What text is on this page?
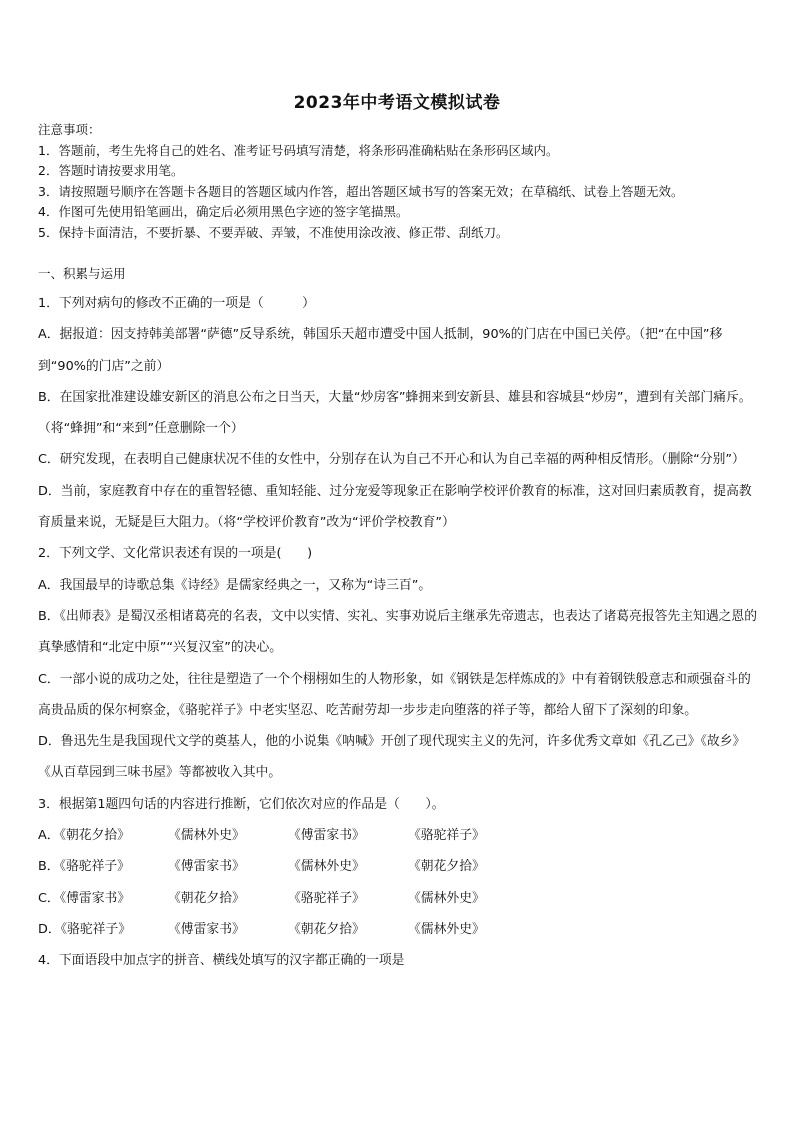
2023年中考语文模拟试卷
注意事项：
1．答题前，考生先将自己的姓名、准考证号码填写清楚，将条形码准确粘贴在条形码区域内。
2．答题时请按要求用笔。
3．请按照题号顺序在答题卡各题目的答题区域内作答，超出答题区域书写的答案无效；在草稿纸、试卷上答题无效。
4．作图可先使用铅笔画出，确定后必须用黑色字迹的签字笔描黑。
5．保持卡面清洁，不要折暴、不要弄破、弄皱，不准使用涂改液、修正带、刮纸刀。
一、积累与运用

1．下列对病句的修改不正确的一项是（　　　）

A．据报道：因支持韩美部署“萨德”反导系统，韩国乐天超市遭受中国人抵制，90%的门店在中国已关停。（把“在中国”移到“90%的门店”之前）

B．在国家批准建设雄安新区的消息公布之日当天，大量“炒房客”蜂拥来到安新县、雄县和容城县“炒房”，遭到有关部门痛斥。（将“蜂拥”和“来到”任意删除一个）

C．研究发现，在表明自己健康状况不佳的女性中，分别存在认为自己不开心和认为自己幸福的两种相反情形。（删除“分别”）

D．当前，家庭教育中存在的重智轻德、重知轻能、过分宠爱等现象正在影响学校评价教育的标准，这对回归素质教育，提高教育质量来说，无疑是巨大阻力。（将“学校评价教育”改为“评价学校教育”）

2．下列文学、文化常识表述有误的一项是(　　)

A．我国最早的诗歌总集《诗经》是儒家经典之一，又称为“诗三百”。

B．《出师表》是蜀汉丞相诸葛亮的名表，文中以实情、实礼、实事劝说后主继承先帝遗志，也表达了诸葛亮报答先主知遇之恩的真挚感情和“北定中原”“兴复汉室”的决心。

C．一部小说的成功之处，往往是塑造了一个个栩栩如生的人物形象，如《钢铁是怎样炼成的》中有着钢铁般意志和顽强奋斗的高贵品质的保尔柯察金，《骆驼祥子》中老实坚忍、吃苦耐劳却一步步走向堕落的祥子等，都给人留下了深刻的印象。

D．鲁迅先生是我国现代文学的奠基人，他的小说集《呐喊》开创了现代现实主义的先河，许多优秀文章如《孔乙己》《故乡》《从百草园到三味书屋》等都被收入其中。

3．根据第1题四句话的内容进行推断，它们依次对应的作品是（　　）。

A．《朝花夕拾》	《儒林外史》	《傅雷家书》	《骆驼祥子》
B．《骆驼祥子》	《傅雷家书》	《儒林外史》	《朝花夕拾》
C．《傅雷家书》	《朝花夕拾》	《骆驼祥子》	《儒林外史》
D．《骆驼祥子》	《傅雷家书》	《朝花夕拾》	《儒林外史》

4．下面语段中加点字的拼音、横线处填写的汉字都正确的一项是
